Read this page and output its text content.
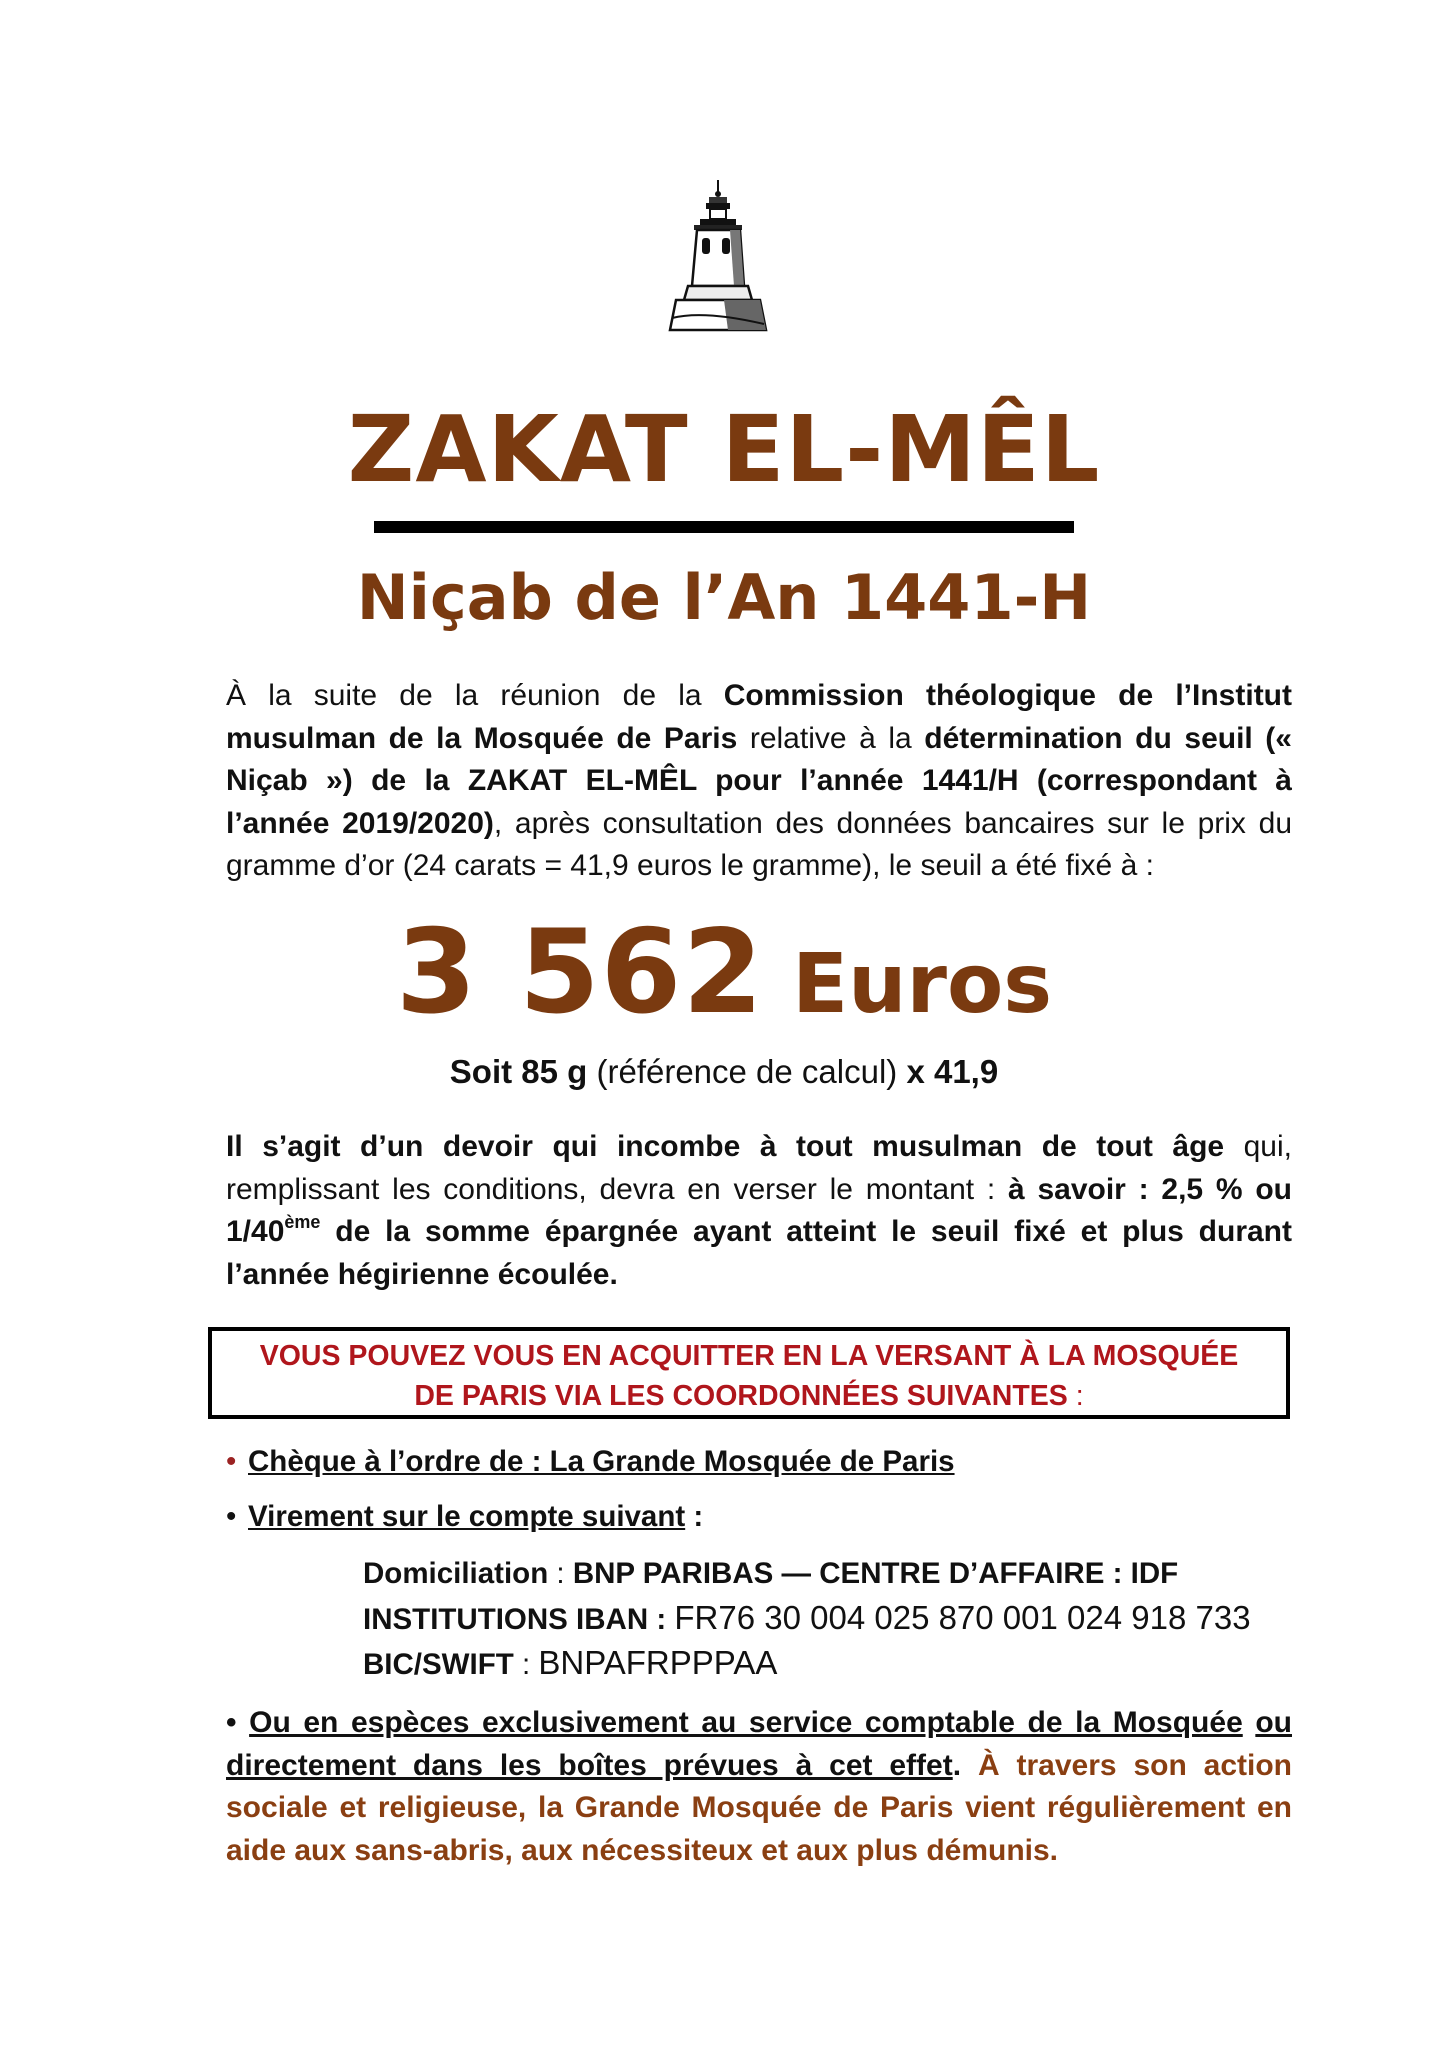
ZAKAT EL-MÊL
Niçab de l’An 1441-H
À la suite de la réunion de la Commission théologique de l’Institut musulman de la Mosquée de Paris relative à la détermination du seuil (« Niçab ») de la ZAKAT EL-MÊL pour l’année 1441/H (correspondant à l’année 2019/2020), après consultation des données bancaires sur le prix du gramme d’or (24 carats = 41,9 euros le gramme), le seuil a été fixé à :
3 562 Euros
Soit 85 g (référence de calcul) x 41,9
Il s’agit d’un devoir qui incombe à tout musulman de tout âge qui, remplissant les conditions, devra en verser le montant : à savoir : 2,5 % ou 1/40ème de la somme épargnée ayant atteint le seuil fixé et plus durant l’année hégirienne écoulée.
VOUS POUVEZ VOUS EN ACQUITTER EN LA VERSANT À LA MOSQUÉE
DE PARIS VIA LES COORDONNÉES SUIVANTES :
• Chèque à l’ordre de : La Grande Mosquée de Paris
• Virement sur le compte suivant :
Domiciliation : BNP PARIBAS — CENTRE D’AFFAIRE : IDF
INSTITUTIONS IBAN : FR76 30 004 025 870 001 024 918 733
BIC/SWIFT : BNPAFRPPPAA
• Ou en espèces exclusivement au service comptable de la Mosquée ou directement dans les boîtes prévues à cet effet. À travers son action sociale et religieuse, la Grande Mosquée de Paris vient régulièrement en aide aux sans-abris, aux nécessiteux et aux plus démunis.
